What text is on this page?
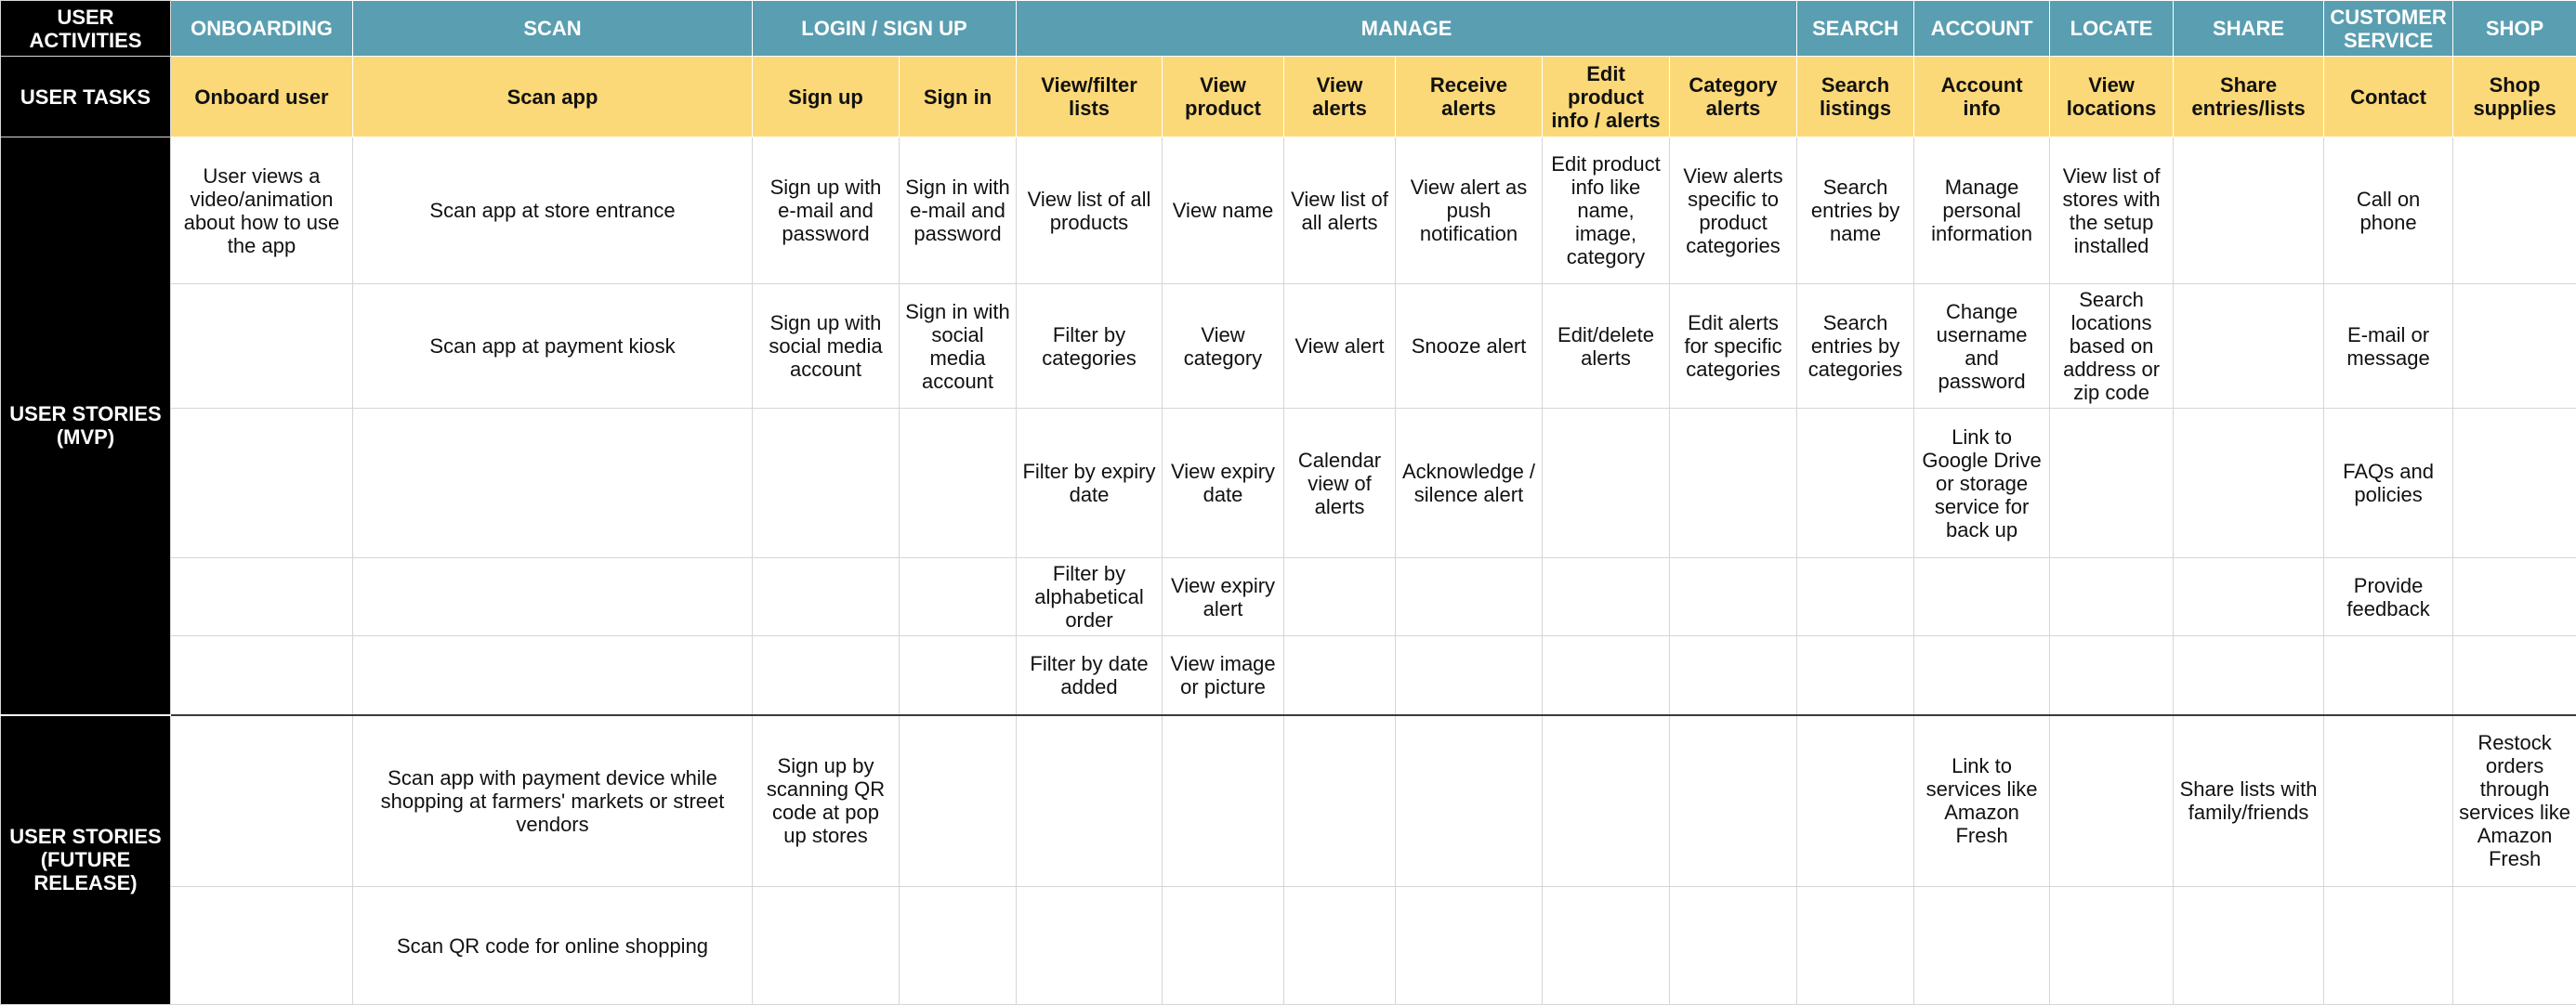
USER ACTIVITIES	ONBOARDING	SCAN	LOGIN / SIGN UP		MANAGE						SEARCH	ACCOUNT	LOCATE	SHARE	CUSTOMER SERVICE	SHOP
USER TASKS	Onboard user	Scan app	Sign up	Sign in	View/filter lists	View product	View alerts	Receive alerts	Edit product info / alerts	Category alerts	Search listings	Account info	View locations	Share entries/lists	Contact	Shop supplies
USER STORIES (MVP)	User views a video/animation about how to use the app	Scan app at store entrance	Sign up with e-mail and password	Sign in with e-mail and password	View list of all products	View name	View list of all alerts	View alert as push notification	Edit product info like name, image, category	View alerts specific to product categories	Search entries by name	Manage personal information	View list of stores with the setup installed		Call on phone	
		Scan app at payment kiosk	Sign up with social media account	Sign in with social media account	Filter by categories	View category	View alert	Snooze alert	Edit/delete alerts	Edit alerts for specific categories	Search entries by categories	Change username and password	Search locations based on address or zip code		E-mail or message	
					Filter by expiry date	View expiry date	Calendar view of alerts	Acknowledge / silence alert				Link to Google Drive or storage service for back up			FAQs and policies	
					Filter by alphabetical order	View expiry alert									Provide feedback	
					Filter by date added	View image or picture										
USER STORIES (FUTURE RELEASE)		Scan app with payment device while shopping at farmers' markets or street vendors	Sign up by scanning QR code at pop up stores									Link to services like Amazon Fresh		Share lists with family/friends		Restock orders through services like Amazon Fresh
		Scan QR code for online shopping														
